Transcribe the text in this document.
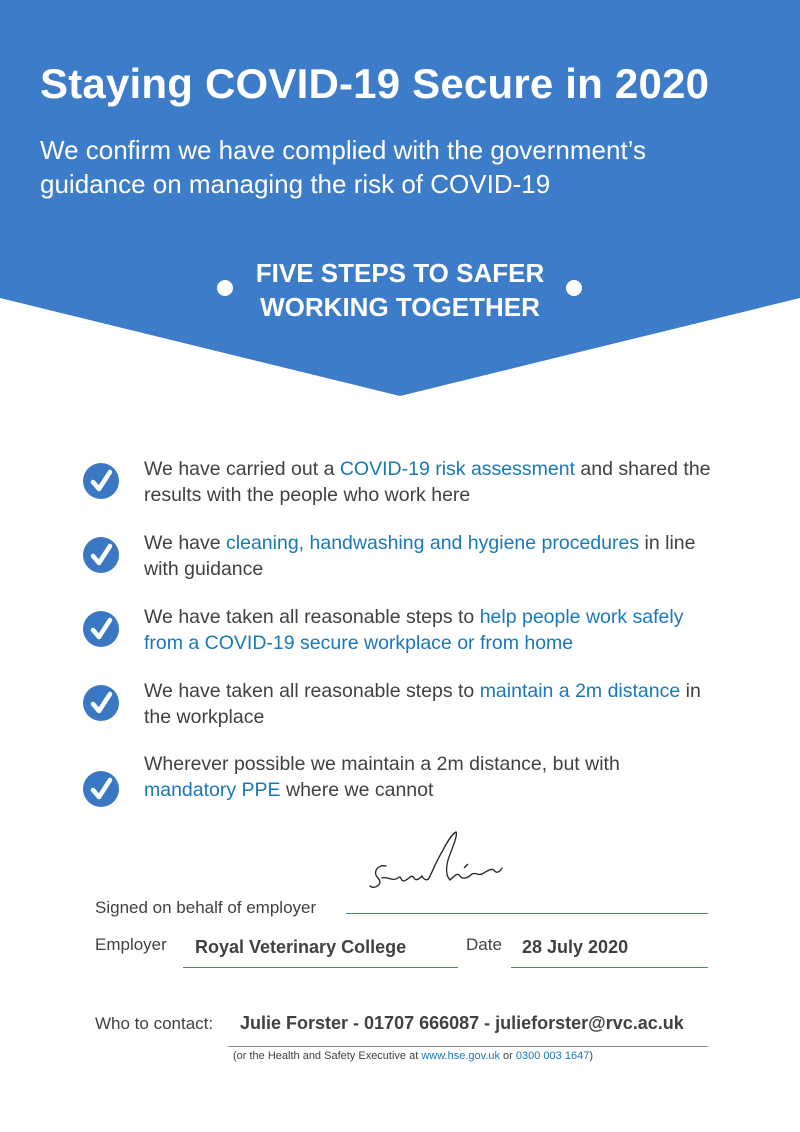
Staying COVID-19 Secure in 2020

We confirm we have complied with the government’s guidance on managing the risk of COVID-19

FIVE STEPS TO SAFER
WORKING TOGETHER
We have carried out a COVID-19 risk assessment and shared the results with the people who work here
We have cleaning, handwashing and hygiene procedures in line with guidance
We have taken all reasonable steps to help people work safely from a COVID-19 secure workplace or from home
We have taken all reasonable steps to maintain a 2m distance in the workplace
Wherever possible we maintain a 2m distance, but with mandatory PPE where we cannot
Signed on behalf of employer
Employer Royal Veterinary College	Date 28 July 2020
Who to contact: Julie Forster - 01707 666087 - julieforster@rvc.ac.uk
(or the Health and Safety Executive at www.hse.gov.uk or 0300 003 1647)
